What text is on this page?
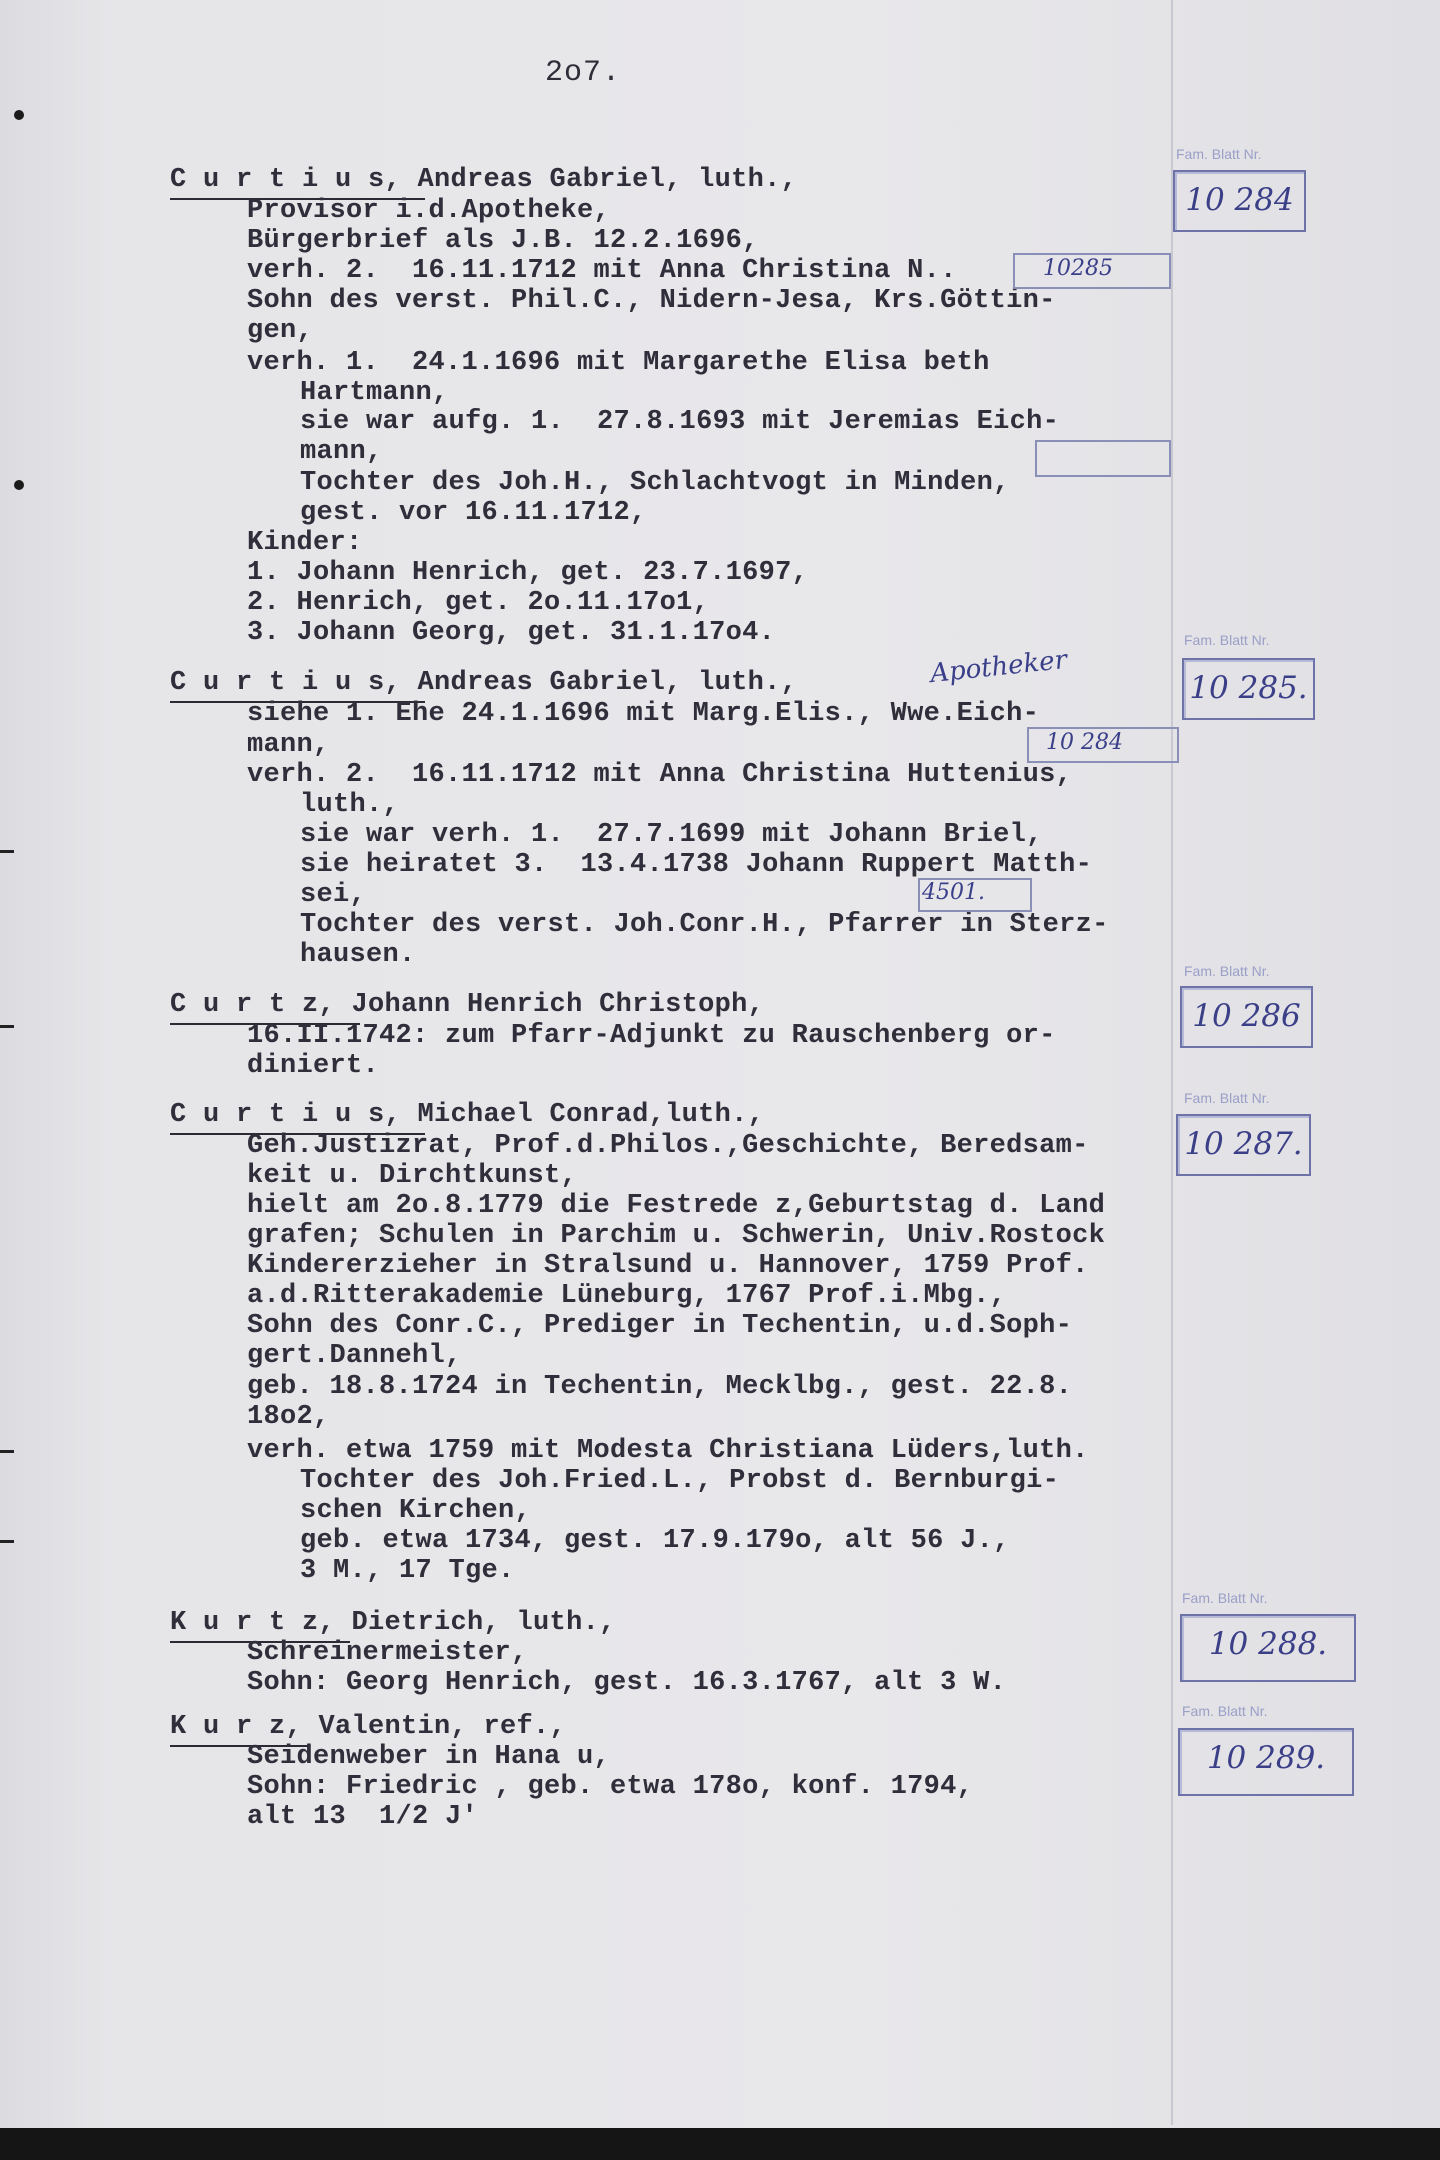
2o7.
C u r t i u s, Andreas Gabriel, luth.,
Provisor i.d.Apotheke,
Bürgerbrief als J.B. 12.2.1696,
verh. 2.  16.11.1712 mit Anna Christina N..
Sohn des verst. Phil.C., Nidern-Jesa, Krs.Göttin-
gen,
verh. 1.  24.1.1696 mit Margarethe Elisa beth
Hartmann,
sie war aufg. 1.  27.8.1693 mit Jeremias Eich-
mann,
Tochter des Joh.H., Schlachtvogt in Minden,
gest. vor 16.11.1712,
Kinder:
1. Johann Henrich, get. 23.7.1697,
2. Henrich, get. 2o.11.17o1,
3. Johann Georg, get. 31.1.17o4.
10285
Fam. Blatt Nr.
10 284
C u r t i u s, Andreas Gabriel, luth.,
siehe 1. Ehe 24.1.1696 mit Marg.Elis., Wwe.Eich-
mann,
verh. 2.  16.11.1712 mit Anna Christina Huttenius,
luth.,
sie war verh. 1.  27.7.1699 mit Johann Briel,
sie heiratet 3.  13.4.1738 Johann Ruppert Matth-
sei,
Tochter des verst. Joh.Conr.H., Pfarrer in Sterz-
hausen.
Apotheker
10 284
4501.
Fam. Blatt Nr.
10 285.
C u r t z, Johann Henrich Christoph,
16.II.1742: zum Pfarr-Adjunkt zu Rauschenberg or-
diniert.
Fam. Blatt Nr.
10 286
C u r t i u s, Michael Conrad,luth.,
Geh.Justizrat, Prof.d.Philos.,Geschichte, Beredsam-
keit u. Dirchtkunst,
hielt am 2o.8.1779 die Festrede z,Geburtstag d. Land
grafen; Schulen in Parchim u. Schwerin, Univ.Rostock
Kindererzieher in Stralsund u. Hannover, 1759 Prof.
a.d.Ritterakademie Lüneburg, 1767 Prof.i.Mbg.,
Sohn des Conr.C., Prediger in Techentin, u.d.Soph-
gert.Dannehl,
geb. 18.8.1724 in Techentin, Mecklbg., gest. 22.8.
18o2,
verh. etwa 1759 mit Modesta Christiana Lüders,luth.
Tochter des Joh.Fried.L., Probst d. Bernburgi-
schen Kirchen,
geb. etwa 1734, gest. 17.9.179o, alt 56 J.,
3 M., 17 Tge.
Fam. Blatt Nr.
10 287.
K u r t z, Dietrich, luth.,
Schreinermeister,
Sohn: Georg Henrich, gest. 16.3.1767, alt 3 W.
Fam. Blatt Nr.
10 288.
K u r z, Valentin, ref.,
Seidenweber in Hana u,
Sohn: Friedric , geb. etwa 178o, konf. 1794,
alt 13  1/2 J'
Fam. Blatt Nr.
10 289.
